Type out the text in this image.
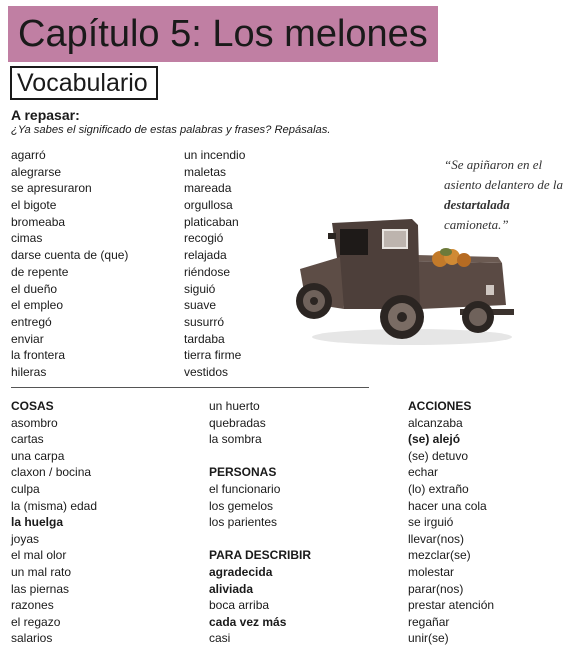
Capítulo 5: Los melones
Vocabulario
A repasar:
¿Ya sabes el significado de estas palabras y frases? Repásalas.
agarró
alegrarse
se apresuraron
el bigote
bromeaba
cimas
darse cuenta de (que)
de repente
el dueño
el empleo
entregó
enviar
la frontera
hileras
un incendio
maletas
mareada
orgullosa
platicaban
recogió
relajada
riéndose
siguió
suave
susurró
tardaba
tierra firme
vestidos
“Se apiñaron en el asiento delantero de la destartalada camioneta.”
COSAS
asombro
cartas
una carpa
claxon / bocina
culpa
la (misma) edad
la huelga
joyas
el mal olor
un mal rato
las piernas
razones
el regazo
salarios
un huerto
quebradas
la sombra
PERSONAS
el funcionario
los gemelos
los parientes
PARA DESCRIBIR
agradecida
aliviada
boca arriba
cada vez más
casi
ACCIONES
alcanzaba
(se) alejó
(se) detuvo
echar
(lo) extraño
hacer una cola
se irguió
llevar(nos)
mezclar(se)
molestar
parar(nos)
prestar atención
regañar
unir(se)
